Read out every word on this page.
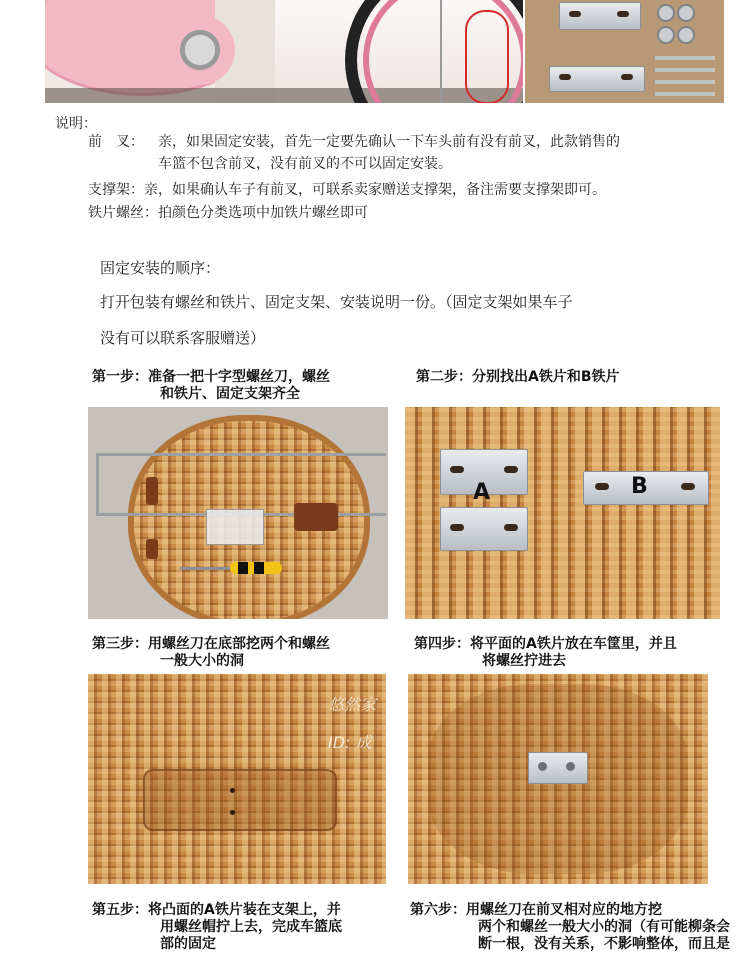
说明：
前　叉： 亲，如果固定安装，首先一定要先确认一下车头前有没有前叉，此款销售的
车篮不包含前叉，没有前叉的不可以固定安装。
支撑架： 亲，如果确认车子有前叉，可联系卖家赠送支撑架，备注需要支撑架即可。
铁片螺丝： 拍颜色分类选项中加铁片螺丝即可
固定安装的顺序：
打开包装有螺丝和铁片、固定支架、安装说明一份。（固定支架如果车子
没有可以联系客服赠送）
第一步：准备一把十字型螺丝刀，螺丝
和铁片、固定支架齐全
第二步：分别找出A铁片和B铁片
A	B
第三步：用螺丝刀在底部挖两个和螺丝
一般大小的洞
悠然家
ID: 成
第四步：将平面的A铁片放在车筐里，并且
将螺丝拧进去
第五步：将凸面的A铁片装在支架上，并
用螺丝帽拧上去，完成车篮底
部的固定
第六步：用螺丝刀在前叉相对应的地方挖
两个和螺丝一般大小的洞（有可能柳条会
断一根，没有关系，不影响整体，而且是
